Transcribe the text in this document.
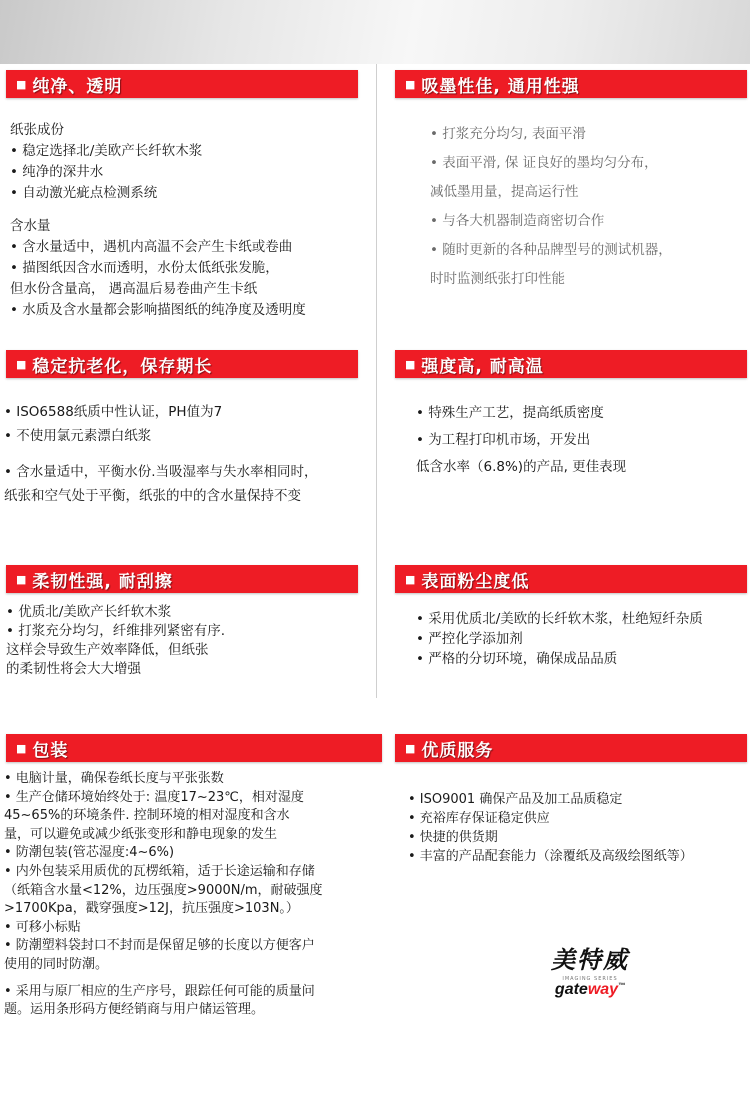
■ 纯净、透明
纸张成份
• 稳定选择北/美欧产长纤软木浆
• 纯净的深井水
• 自动激光疵点检测系统
含水量
• 含水量适中，遇机内高温不会产生卡纸或卷曲
• 描图纸因含水而透明，水份太低纸张发脆，
但水份含量高， 遇高温后易卷曲产生卡纸
• 水质及含水量都会影响描图纸的纯净度及透明度
■ 吸墨性佳, 通用性强
• 打浆充分均匀, 表面平滑
• 表面平滑, 保 证良好的墨均匀分布，
减低墨用量，提高运行性
• 与各大机器制造商密切合作
• 随时更新的各种品牌型号的测试机器，
时时监测纸张打印性能
■ 稳定抗老化，保存期长
• ISO6588纸质中性认证，PH值为7
• 不使用氯元素漂白纸浆
• 含水量适中，平衡水份.当吸湿率与失水率相同时，
纸张和空气处于平衡，纸张的中的含水量保持不变
■ 强度高, 耐高温
• 特殊生产工艺，提高纸质密度
• 为工程打印机市场，开发出
低含水率（6.8%)的产品, 更佳表现
■ 柔韧性强, 耐刮擦
• 优质北/美欧产长纤软木浆
• 打浆充分均匀，纤维排列紧密有序.
这样会导致生产效率降低，但纸张
的柔韧性将会大大增强
■ 表面粉尘度低
• 采用优质北/美欧的长纤软木浆，杜绝短纤杂质
• 严控化学添加剂
• 严格的分切环境，确保成品品质
■ 包装
• 电脑计量，确保卷纸长度与平张张数
• 生产仓储环境始终处于: 温度17~23℃，相对湿度
45~65%的环境条件. 控制环境的相对湿度和含水
量，可以避免或减少纸张变形和静电现象的发生
• 防潮包装(管芯湿度:4~6%)
• 内外包装采用质优的瓦楞纸箱，适于长途运输和存储
（纸箱含水量<12%，边压强度>9000N/m，耐破强度
>1700Kpa，戳穿强度>12J，抗压强度>103N。）
• 可移小标贴
• 防潮塑料袋封口不封而是保留足够的长度以方便客户
使用的同时防潮。
• 采用与原厂相应的生产序号，跟踪任何可能的质量问
题。运用条形码方便经销商与用户储运管理。
■ 优质服务
• ISO9001 确保产品及加工品质稳定
• 充裕库存保证稳定供应
• 快捷的供货期
• 丰富的产品配套能力（涂覆纸及高级绘图纸等）
美特威
IMAGING SERIES
gateway™
